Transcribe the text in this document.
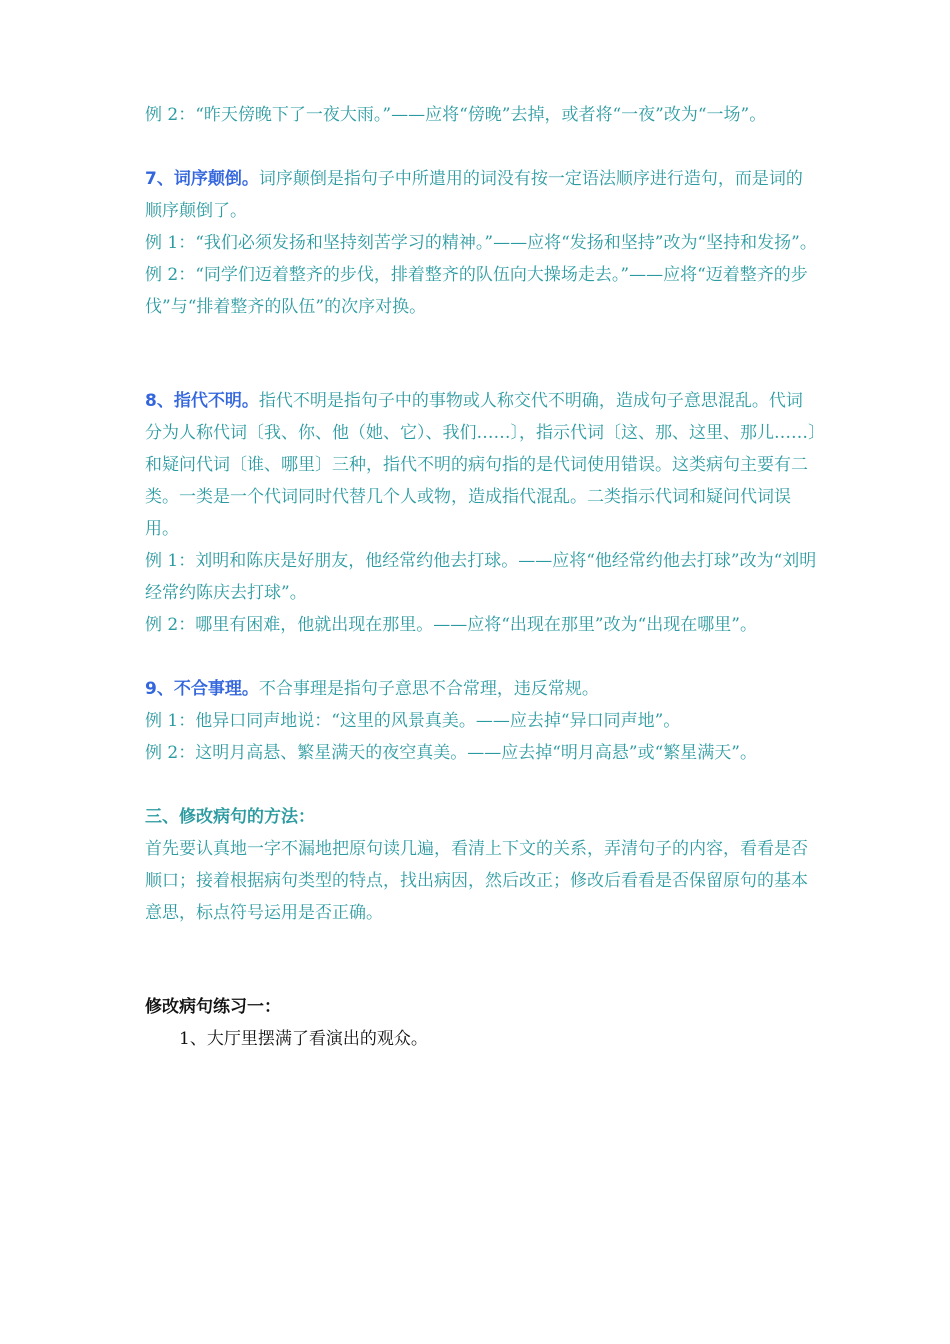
例 2：“昨天傍晚下了一夜大雨。”——应将“傍晚”去掉，或者将“一夜”改为“一场”。

7、词序颠倒。词序颠倒是指句子中所遣用的词没有按一定语法顺序进行造句，而是词的顺序颠倒了。

例 1：“我们必须发扬和坚持刻苦学习的精神。”——应将“发扬和坚持”改为“坚持和发扬”。

例 2：“同学们迈着整齐的步伐，排着整齐的队伍向大操场走去。”——应将“迈着整齐的步伐”与“排着整齐的队伍”的次序对换。

8、指代不明。指代不明是指句子中的事物或人称交代不明确，造成句子意思混乱。代词分为人称代词〔我、你、他（她、它）、我们……〕，指示代词〔这、那、这里、那儿……〕和疑问代词〔谁、哪里〕三种，指代不明的病句指的是代词使用错误。这类病句主要有二类。一类是一个代词同时代替几个人或物，造成指代混乱。二类指示代词和疑问代词误用。

例 1：刘明和陈庆是好朋友，他经常约他去打球。——应将“他经常约他去打球”改为“刘明经常约陈庆去打球”。

例 2：哪里有困难，他就出现在那里。——应将“出现在那里”改为“出现在哪里”。

9、不合事理。不合事理是指句子意思不合常理，违反常规。

例 1：他异口同声地说：“这里的风景真美。——应去掉“异口同声地”。

例 2：这明月高悬、繁星满天的夜空真美。——应去掉“明月高悬”或“繁星满天”。

三、修改病句的方法：

首先要认真地一字不漏地把原句读几遍，看清上下文的关系，弄清句子的内容，看看是否顺口；接着根据病句类型的特点，找出病因，然后改正；修改后看看是否保留原句的基本意思，标点符号运用是否正确。

修改病句练习一：

1、大厅里摆满了看演出的观众。
